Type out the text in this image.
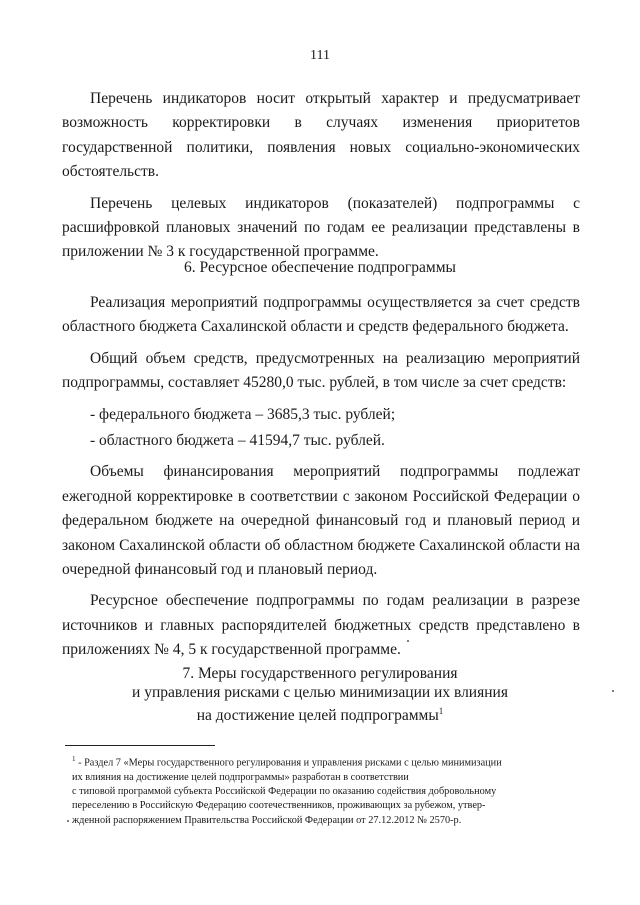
111

Перечень индикаторов носит открытый характер и предусматривает возможность корректировки в случаях изменения приоритетов государственной политики, появления новых социально-экономических обстоятельств.

Перечень целевых индикаторов (показателей) подпрограммы с расшифровкой плановых значений по годам ее реализации представлены в приложении № 3 к государственной программе.

6. Ресурсное обеспечение подпрограммы

Реализация мероприятий подпрограммы осуществляется за счет средств областного бюджета Сахалинской области и средств федерального бюджета.

Общий объем средств, предусмотренных на реализацию мероприятий подпрограммы, составляет 45280,0 тыс. рублей, в том числе за счет средств:

- федерального бюджета – 3685,3 тыс. рублей;

- областного бюджета – 41594,7 тыс. рублей.

Объемы финансирования мероприятий подпрограммы подлежат ежегодной корректировке в соответствии с законом Российской Федерации о федеральном бюджете на очередной финансовый год и плановый период и законом Сахалинской области об областном бюджете Сахалинской области на очередной финансовый год и плановый период.

Ресурсное обеспечение подпрограммы по годам реализации в разрезе источников и главных распорядителей бюджетных средств представлено в приложениях № 4, 5 к государственной программе.

7. Меры государственного регулирования
и управления рисками с целью минимизации их влияния
на достижение целей подпрограммы$^1$
$^1$ - Раздел 7 «Меры государственного регулирования и управления рисками с целью минимизации
их влияния на достижение целей подпрограммы» разработан в соответствии
с типовой программой субъекта Российской Федерации по оказанию содействия добровольному
переселению в Российскую Федерацию соотечественников, проживающих за рубежом, утвер-
жденной распоряжением Правительства Российской Федерации от 27.12.2012 № 2570-р.
